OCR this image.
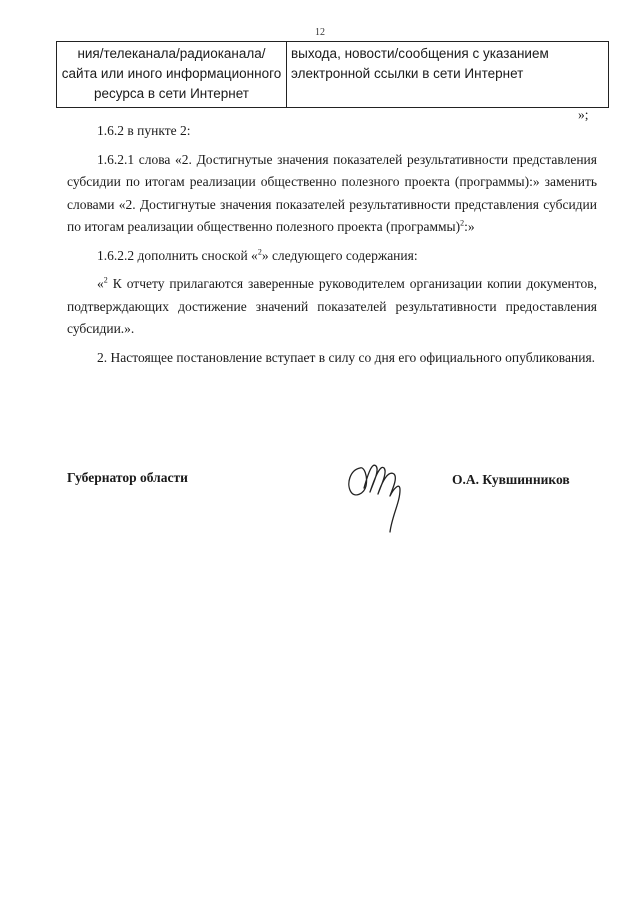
12
ния/телеканала/радиоканала/сайта или иного информационного ресурса в сети Интернет	выхода, новости/сообщения с указанием электронной ссылки в сети Интернет
»;

1.6.2 в пункте 2:

1.6.2.1 слова «2. Достигнутые значения показателей результативности представления субсидии по итогам реализации общественно полезного проекта (программы):» заменить словами «2. Достигнутые значения показателей результативности представления субсидии по итогам реализации общественно полезного проекта (программы)$^2$:»

1.6.2.2 дополнить сноской «$^2$» следующего содержания:

«$^2$ К отчету прилагаются заверенные руководителем организации копии документов, подтверждающих достижение значений показателей результативности предоставления субсидии.».

2. Настоящее постановление вступает в силу со дня его официального опубликования.

Губернатор области	О.А. Кувшинников
